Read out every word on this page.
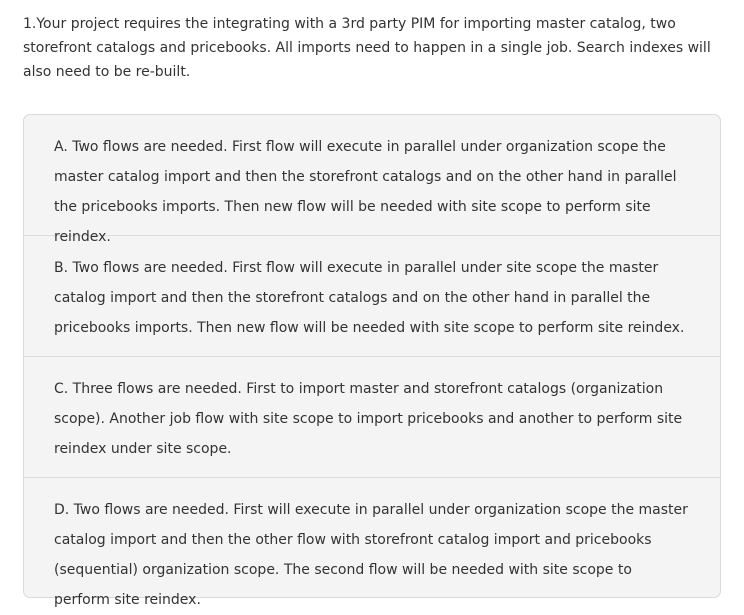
1.Your project requires the integrating with a 3rd party PIM for importing master catalog, two storefront catalogs and pricebooks. All imports need to happen in a single job. Search indexes will also need to be re-built.

A. Two flows are needed. First flow will execute in parallel under organization scope the master catalog import and then the storefront catalogs and on the other hand in parallel the pricebooks imports. Then new flow will be needed with site scope to perform site reindex.
B. Two flows are needed. First flow will execute in parallel under site scope the master catalog import and then the storefront catalogs and on the other hand in parallel the pricebooks imports. Then new flow will be needed with site scope to perform site reindex.
C. Three flows are needed. First to import master and storefront catalogs (organization scope). Another job flow with site scope to import pricebooks and another to perform site reindex under site scope.
D. Two flows are needed. First will execute in parallel under organization scope the master catalog import and then the other flow with storefront catalog import and pricebooks (sequential) organization scope. The second flow will be needed with site scope to perform site reindex.
